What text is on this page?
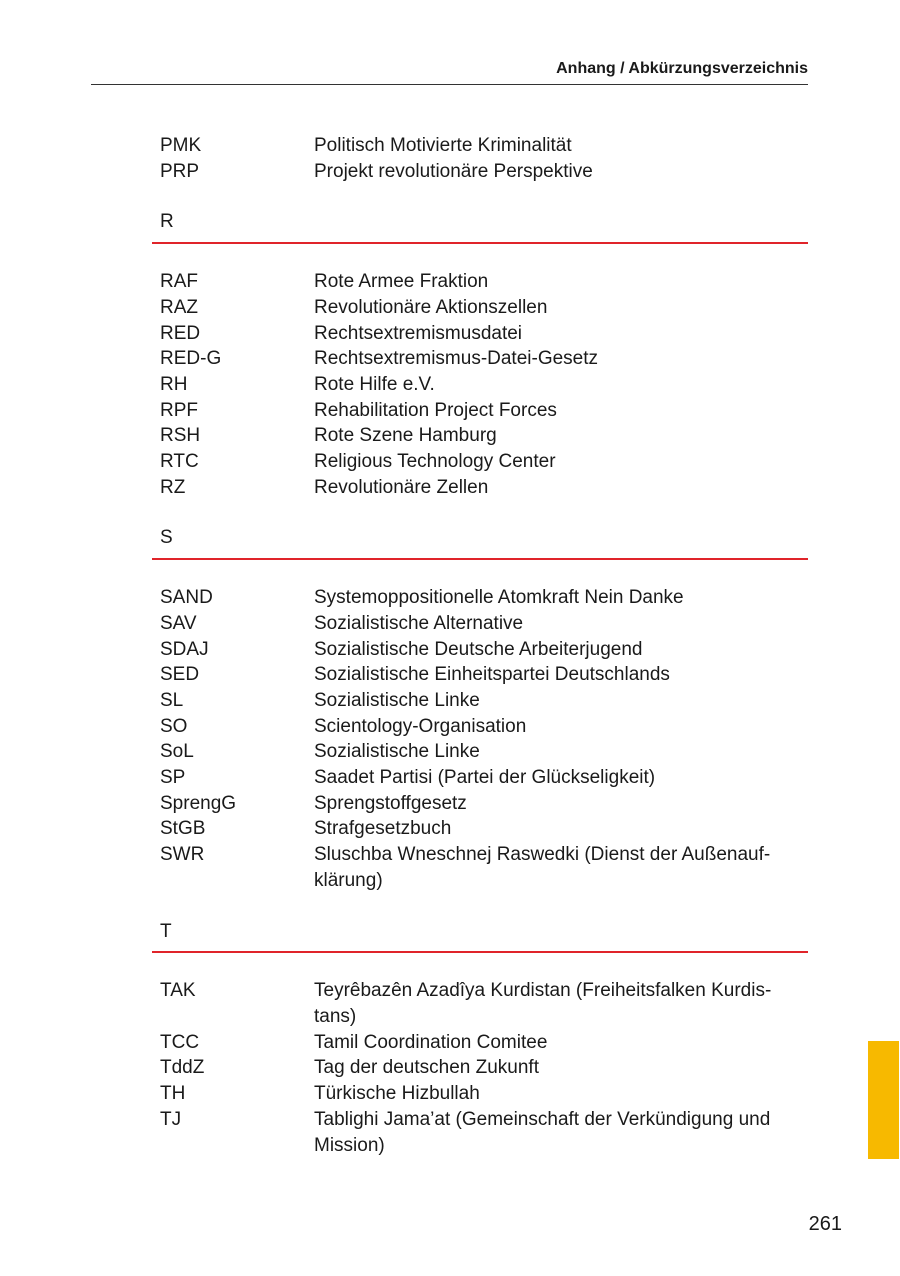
Anhang / Abkürzungsverzeichnis
PMK	Politisch Motivierte Kriminalität
PRP	Projekt revolutionäre Perspektive
R
RAF	Rote Armee Fraktion
RAZ	Revolutionäre Aktionszellen
RED	Rechtsextremismusdatei
RED-G	Rechtsextremismus-Datei-Gesetz
RH	Rote Hilfe e.V.
RPF	Rehabilitation Project Forces
RSH	Rote Szene Hamburg
RTC	Religious Technology Center
RZ	Revolutionäre Zellen
S
SAND	Systemoppositionelle Atomkraft Nein Danke
SAV	Sozialistische Alternative
SDAJ	Sozialistische Deutsche Arbeiterjugend
SED	Sozialistische Einheitspartei Deutschlands
SL	Sozialistische Linke
SO	Scientology-Organisation
SoL	Sozialistische Linke
SP	Saadet Partisi (Partei der Glückseligkeit)
SprengG	Sprengstoffgesetz
StGB	Strafgesetzbuch
SWR	Sluschba Wneschnej Raswedki (Dienst der Außenauf-
klärung)
T
TAK	Teyrêbazên Azadîya Kurdistan (Freiheitsfalken Kurdis-
tans)
TCC	Tamil Coordination Comitee
TddZ	Tag der deutschen Zukunft
TH	Türkische Hizbullah
TJ	Tablighi Jama’at (Gemeinschaft der Verkündigung und
Mission)
261
